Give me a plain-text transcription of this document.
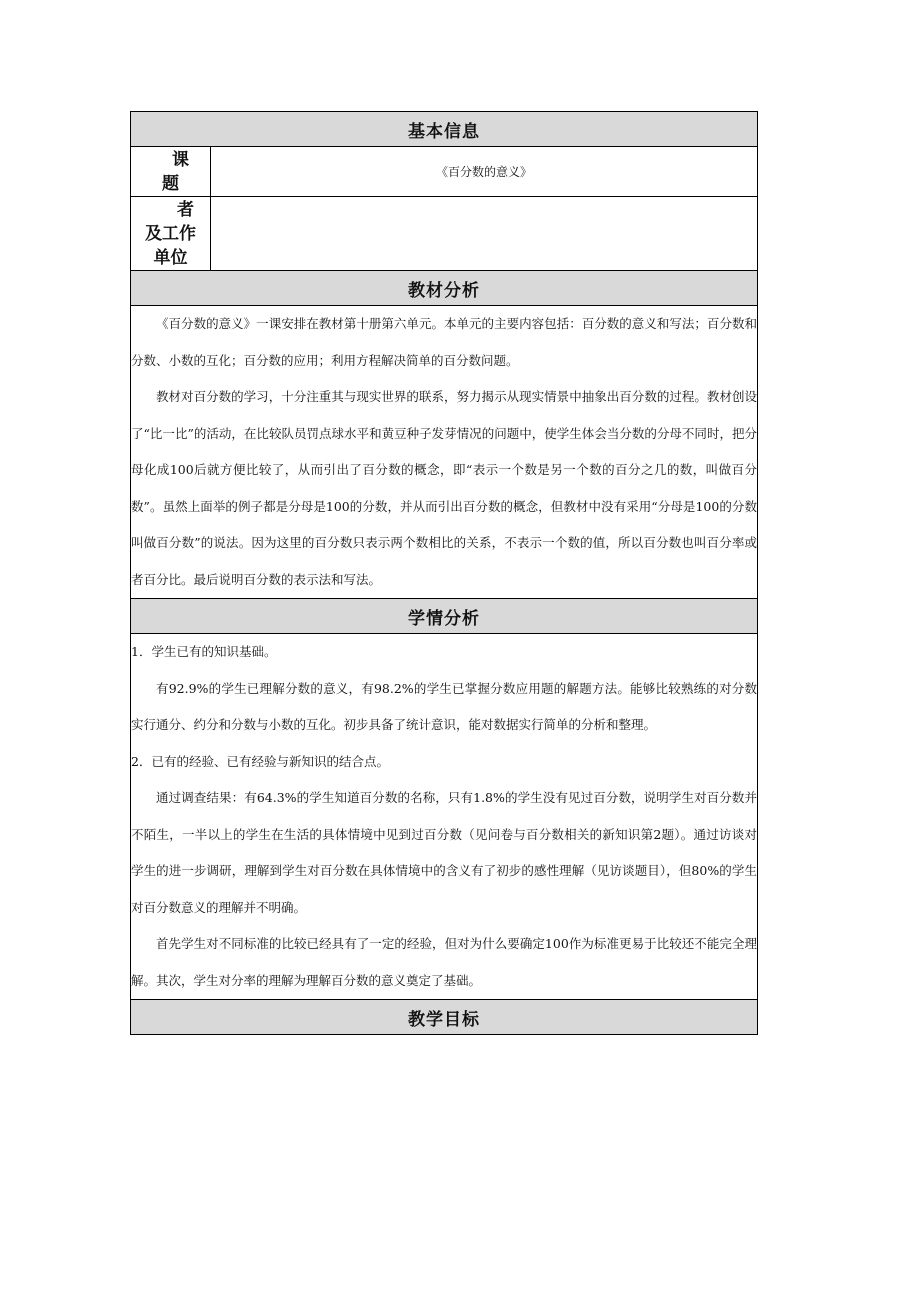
基本信息	

课
题	《百分数的意义》

者
及工作
单位	

教材分析	

《百分数的意义》一课安排在教材第十册第六单元。本单元的主要内容包括：百分数的意义和写法；百分数和分数、小数的互化；百分数的应用；利用方程解决简单的百分数问题。

教材对百分数的学习，十分注重其与现实世界的联系，努力揭示从现实情景中抽象出百分数的过程。教材创设了“比一比”的活动，在比较队员罚点球水平和黄豆种子发芽情况的问题中，使学生体会当分数的分母不同时，把分母化成100后就方便比较了，从而引出了百分数的概念，即“表示一个数是另一个数的百分之几的数，叫做百分数”。虽然上面举的例子都是分母是100的分数，并从而引出百分数的概念，但教材中没有采用“分母是100的分数叫做百分数”的说法。因为这里的百分数只表示两个数相比的关系，不表示一个数的值，所以百分数也叫百分率或者百分比。最后说明百分数的表示法和写法。	

学情分析	

1．学生已有的知识基础。

有92.9%的学生已理解分数的意义，有98.2%的学生已掌握分数应用题的解题方法。能够比较熟练的对分数实行通分、约分和分数与小数的互化。初步具备了统计意识，能对数据实行简单的分析和整理。

2．已有的经验、已有经验与新知识的结合点。

通过调查结果：有64.3%的学生知道百分数的名称，只有1.8%的学生没有见过百分数，说明学生对百分数并不陌生，一半以上的学生在生活的具体情境中见到过百分数（见问卷与百分数相关的新知识第2题）。通过访谈对学生的进一步调研，理解到学生对百分数在具体情境中的含义有了初步的感性理解（见访谈题目），但80%的学生对百分数意义的理解并不明确。

首先学生对不同标准的比较已经具有了一定的经验，但对为什么要确定100作为标准更易于比较还不能完全理解。其次，学生对分率的理解为理解百分数的意义奠定了基础。	

教学目标	
